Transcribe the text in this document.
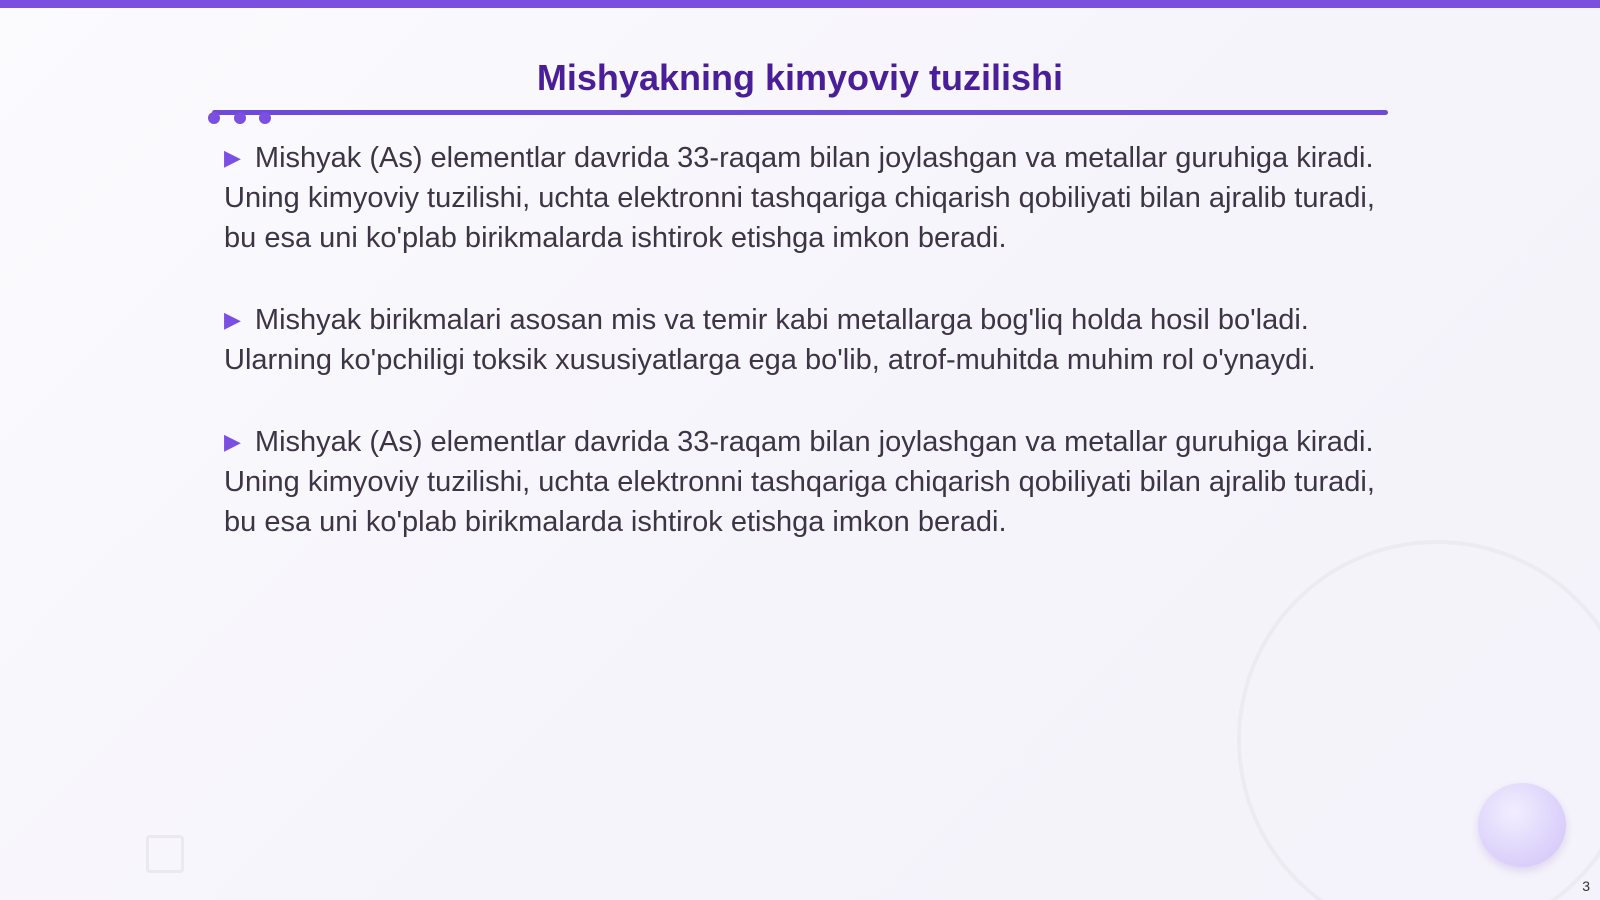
Mishyakning kimyoviy tuzilishi

▶ Mishyak (As) elementlar davrida 33-raqam bilan joylashgan va metallar guruhiga kiradi. Uning kimyoviy tuzilishi, uchta elektronni tashqariga chiqarish qobiliyati bilan ajralib turadi, bu esa uni ko'plab birikmalarda ishtirok etishga imkon beradi.

▶ Mishyak birikmalari asosan mis va temir kabi metallarga bog'liq holda hosil bo'ladi. Ularning ko'pchiligi toksik xususiyatlarga ega bo'lib, atrof-muhitda muhim rol o'ynaydi.

▶ Mishyak (As) elementlar davrida 33-raqam bilan joylashgan va metallar guruhiga kiradi. Uning kimyoviy tuzilishi, uchta elektronni tashqariga chiqarish qobiliyati bilan ajralib turadi, bu esa uni ko'plab birikmalarda ishtirok etishga imkon beradi.

3
